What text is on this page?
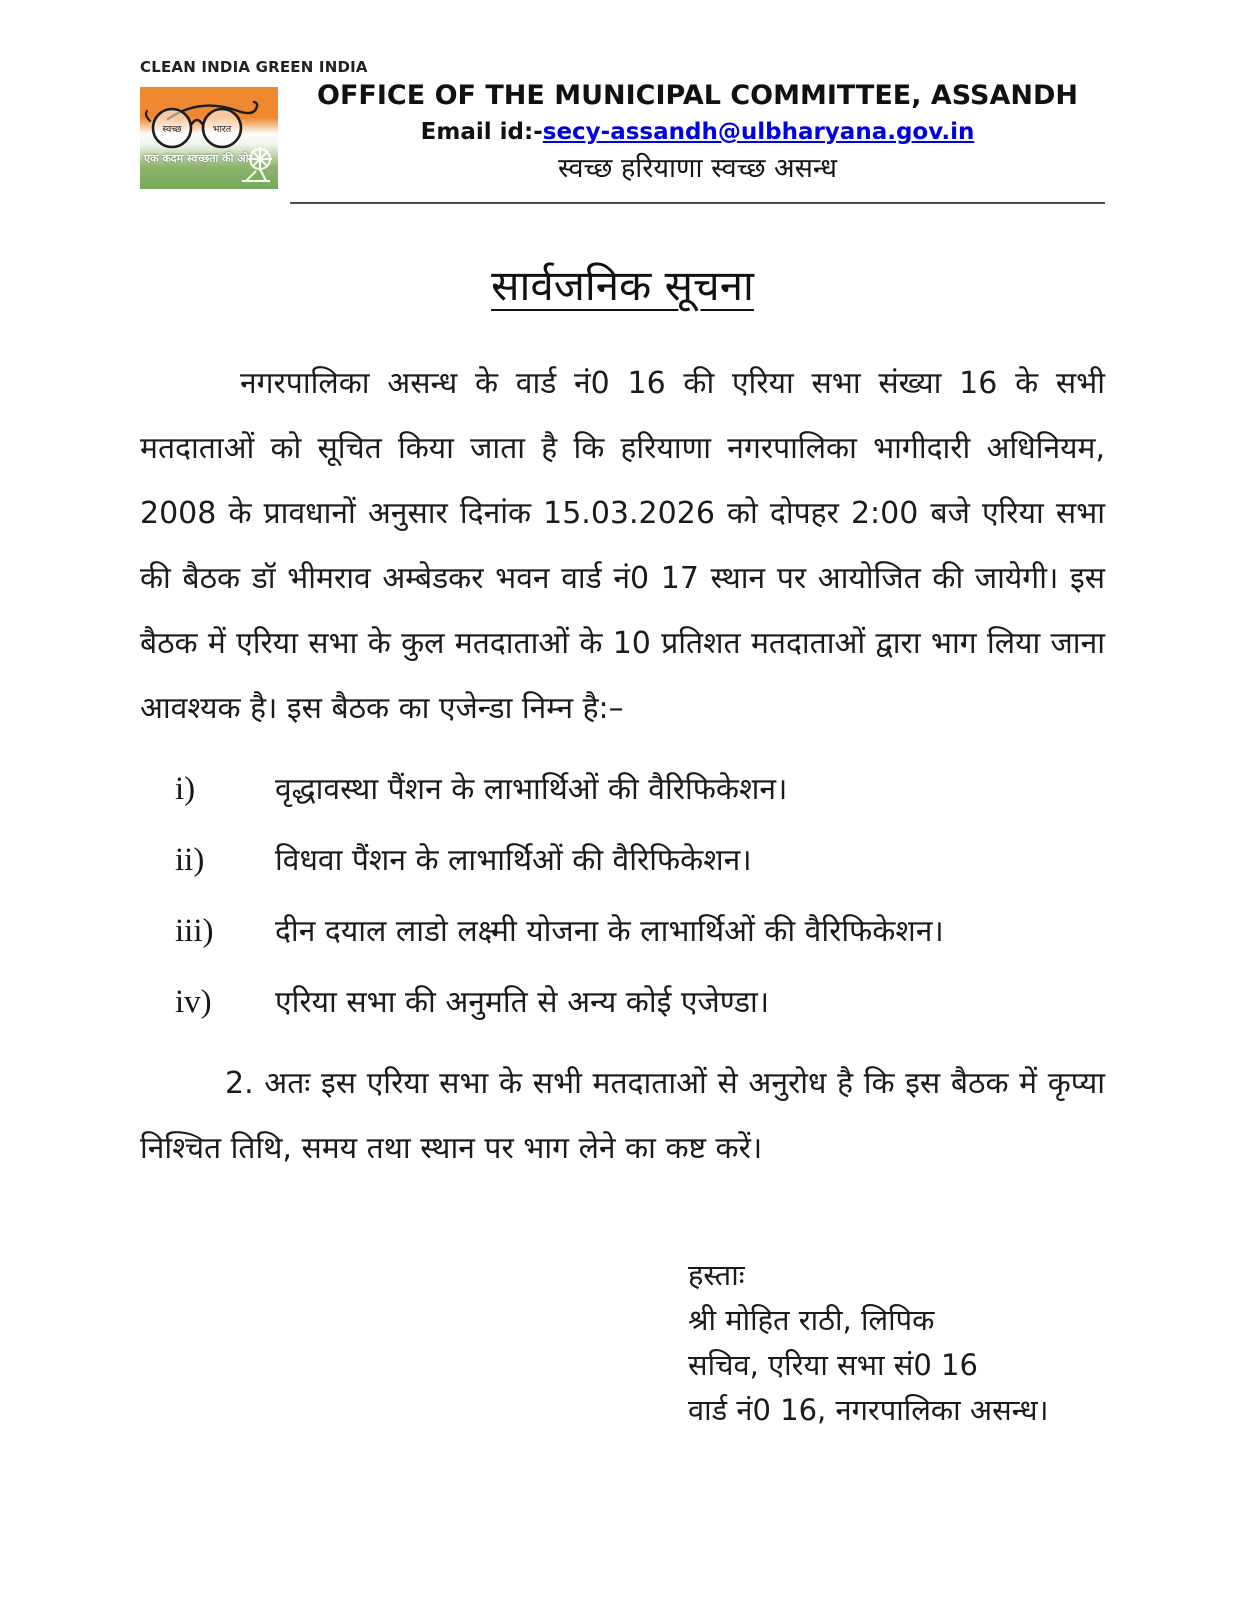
CLEAN INDIA GREEN INDIA
स्वच्छ	भारत
एक कदम स्वच्छता की ओर
OFFICE OF THE MUNICIPAL COMMITTEE, ASSANDH
Email id:-secy-assandh@ulbharyana.gov.in
स्वच्छ हरियाणा स्वच्छ असन्ध
सार्वजनिक सूचना

नगरपालिका असन्ध के वार्ड नं0 16 की एरिया सभा संख्या 16 के सभी मतदाताओं को सूचित किया जाता है कि हरियाणा नगरपालिका भागीदारी अधिनियम, 2008 के प्रावधानों अनुसार दिनांक 15.03.2026 को दोपहर 2:00 बजे एरिया सभा की बैठक डॉ भीमराव अम्बेडकर भवन वार्ड नं0 17 स्थान पर आयोजित की जायेगी। इस बैठक में एरिया सभा के कुल मतदाताओं के 10 प्रतिशत मतदाताओं द्वारा भाग लिया जाना आवश्यक है। इस बैठक का एजेन्डा निम्न है:–

i)	वृद्धावस्था पैंशन के लाभार्थिओं की वैरिफिकेशन।
ii)	विधवा पैंशन के लाभार्थिओं की वैरिफिकेशन।
iii)	दीन दयाल लाडो लक्ष्मी योजना के लाभार्थिओं की वैरिफिकेशन।
iv)	एरिया सभा की अनुमति से अन्य कोई एजेण्डा।

2. अतः इस एरिया सभा के सभी मतदाताओं से अनुरोध है कि इस बैठक में कृप्या निश्चित तिथि, समय तथा स्थान पर भाग लेने का कष्ट करें।

हस्ताः
श्री मोहित राठी, लिपिक
सचिव, एरिया सभा सं0 16
वार्ड नं0 16, नगरपालिका असन्ध।
